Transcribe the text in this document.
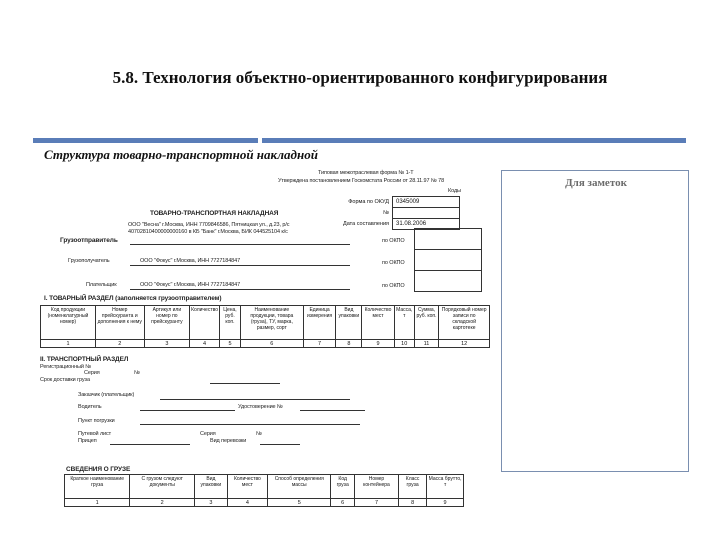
5.8. Технология объектно-ориентированного конфигурирования
Структура товарно-транспортной накладной
Для заметок
Типовая межотраслевая форма № 1-Т
Утверждена постановлением Госкомстата России от 28.11.97 № 78
Коды
Форма по ОКУД	0345009
№	
Дата составления	31.08.2006
ТОВАРНО-ТРАНСПОРТНАЯ НАКЛАДНАЯ
ООО "Весна" г.Москва, ИНН 7709846586, Пятницкая ул., д.23, р/с
40702810400000000160 в КБ "Банк" г.Москва, БИК 044525104 к/с
Грузоотправитель	по ОКПО
Грузополучатель	ООО "Фокус" г.Москва, ИНН 7727184847	по ОКПО
Плательщик	ООО "Фокус" г.Москва, ИНН 7727184847	по ОКПО

I. ТОВАРНЫЙ РАЗДЕЛ (заполняется грузоотправителем)
Код продукции (номенклатурный номер)	Номер прейскуранта и дополнения к нему	Артикул или номер по прейскуранту	Количество	Цена, руб. коп.	Наименование продукции, товара (груза), ТУ, марка, размер, сорт	Единица измерения	Вид упаковки	Количество мест	Масса, т	Сумма, руб. коп.	Порядковый номер записи по складской картотеке
1	2	3	4	5	6	7	8	9	10	11	12
II. ТРАНСПОРТНЫЙ РАЗДЕЛ
Регистрационный №
Серия	№
Срок доставки груза
Заказчик (плательщик)
Водитель	Удостоверение №
Пункт погрузки
Путевой лист	Серия	№
Прицеп	Вид перевозки
СВЕДЕНИЯ О ГРУЗЕ
Краткое наименование груза	С грузом следуют документы	Вид упаковки	Количество мест	Способ определения массы	Код груза	Номер контейнера	Класс груза	Масса брутто, т
1	2	3	4	5	6	7	8	9
